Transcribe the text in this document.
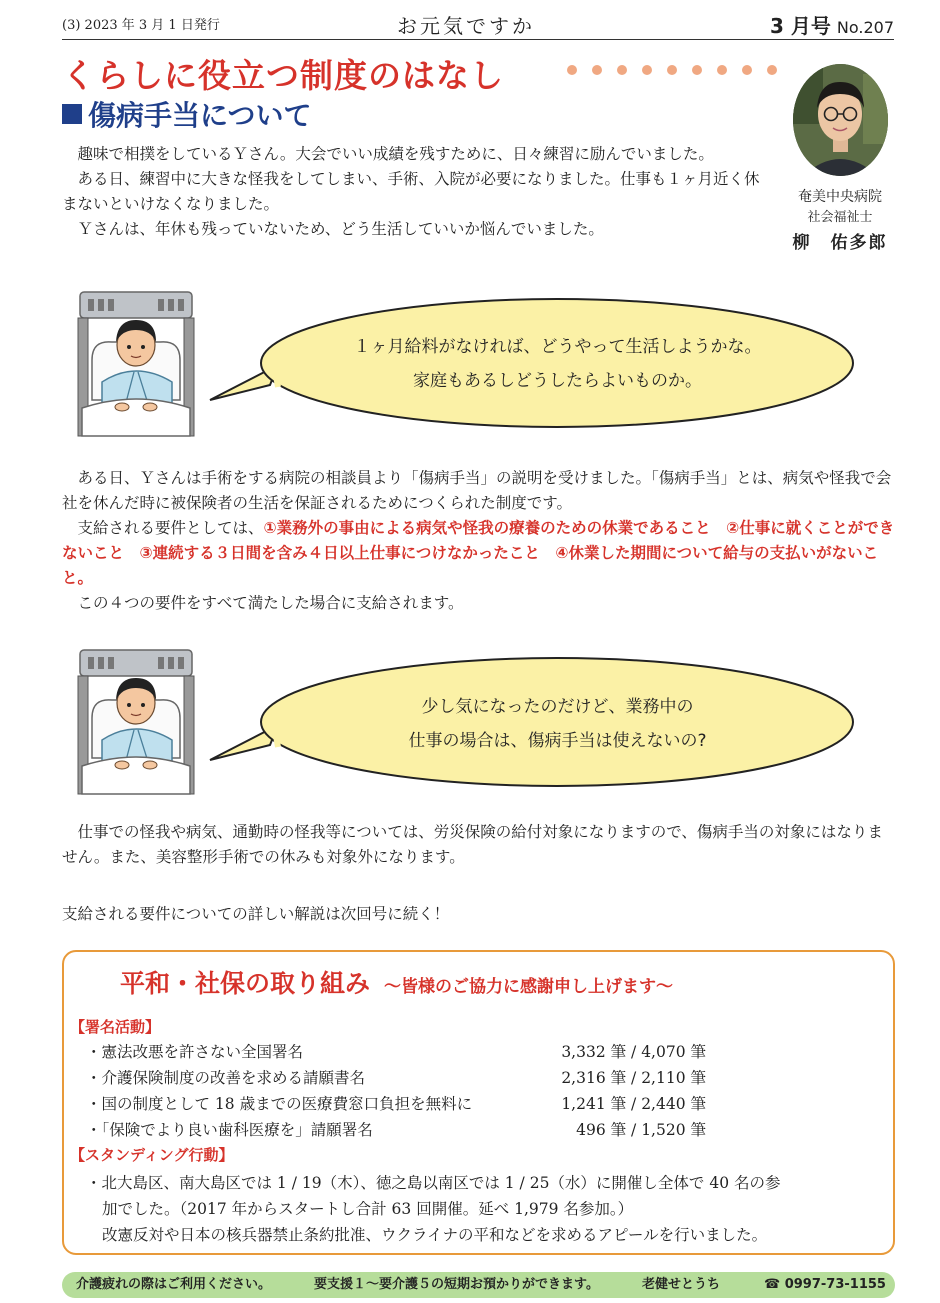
(3) 2023 年 3 月 1 日発行	お元気ですか	3 月号 No.207
くらしに役立つ制度のはなし
傷病手当について
奄美中央病院
社会福祉士
柳　佑多郎
趣味で相撲をしているＹさん。大会でいい成績を残すために、日々練習に励んでいました。
ある日、練習中に大きな怪我をしてしまい、手術、入院が必要になりました。仕事も１ヶ月近く休まないといけなくなりました。
Ｙさんは、年休も残っていないため、どう生活していいか悩んでいました。
１ヶ月給料がなければ、どうやって生活しようかな。
家庭もあるしどうしたらよいものか。
ある日、Ｙさんは手術をする病院の相談員より「傷病手当」の説明を受けました。「傷病手当」とは、病気や怪我で会社を休んだ時に被保険者の生活を保証されるためにつくられた制度です。
支給される要件としては、①業務外の事由による病気や怪我の療養のための休業であること　②仕事に就くことができないこと　③連続する３日間を含み４日以上仕事につけなかったこと　④休業した期間について給与の支払いがないこと。
この４つの要件をすべて満たした場合に支給されます。
少し気になったのだけど、業務中の
仕事の場合は、傷病手当は使えないの?
仕事での怪我や病気、通勤時の怪我等については、労災保険の給付対象になりますので、傷病手当の対象にはなりません。また、美容整形手術での休みも対象外になります。
支給される要件についての詳しい解説は次回号に続く！
平和・社保の取り組み ～皆様のご協力に感謝申し上げます～
【署名活動】
・憲法改悪を許さない全国署名	3,332 筆 / 4,070 筆
・介護保険制度の改善を求める請願書名	2,316 筆 / 2,110 筆
・国の制度として 18 歳までの医療費窓口負担を無料に	1,241 筆 / 2,440 筆
・「保険でより良い歯科医療を」請願署名	496 筆 / 1,520 筆
【スタンディング行動】
・北大島区、南大島区では 1 / 19（木）、徳之島以南区では 1 / 25（水）に開催し全体で 40 名の参
加でした。（2017 年からスタートし合計 63 回開催。延べ 1,979 名参加。）
改憲反対や日本の核兵器禁止条約批准、ウクライナの平和などを求めるアピールを行いました。
介護疲れの際はご利用ください。	要支援１～要介護５の短期お預かりができます。	老健せとうち	☎ 0997-73-1155
